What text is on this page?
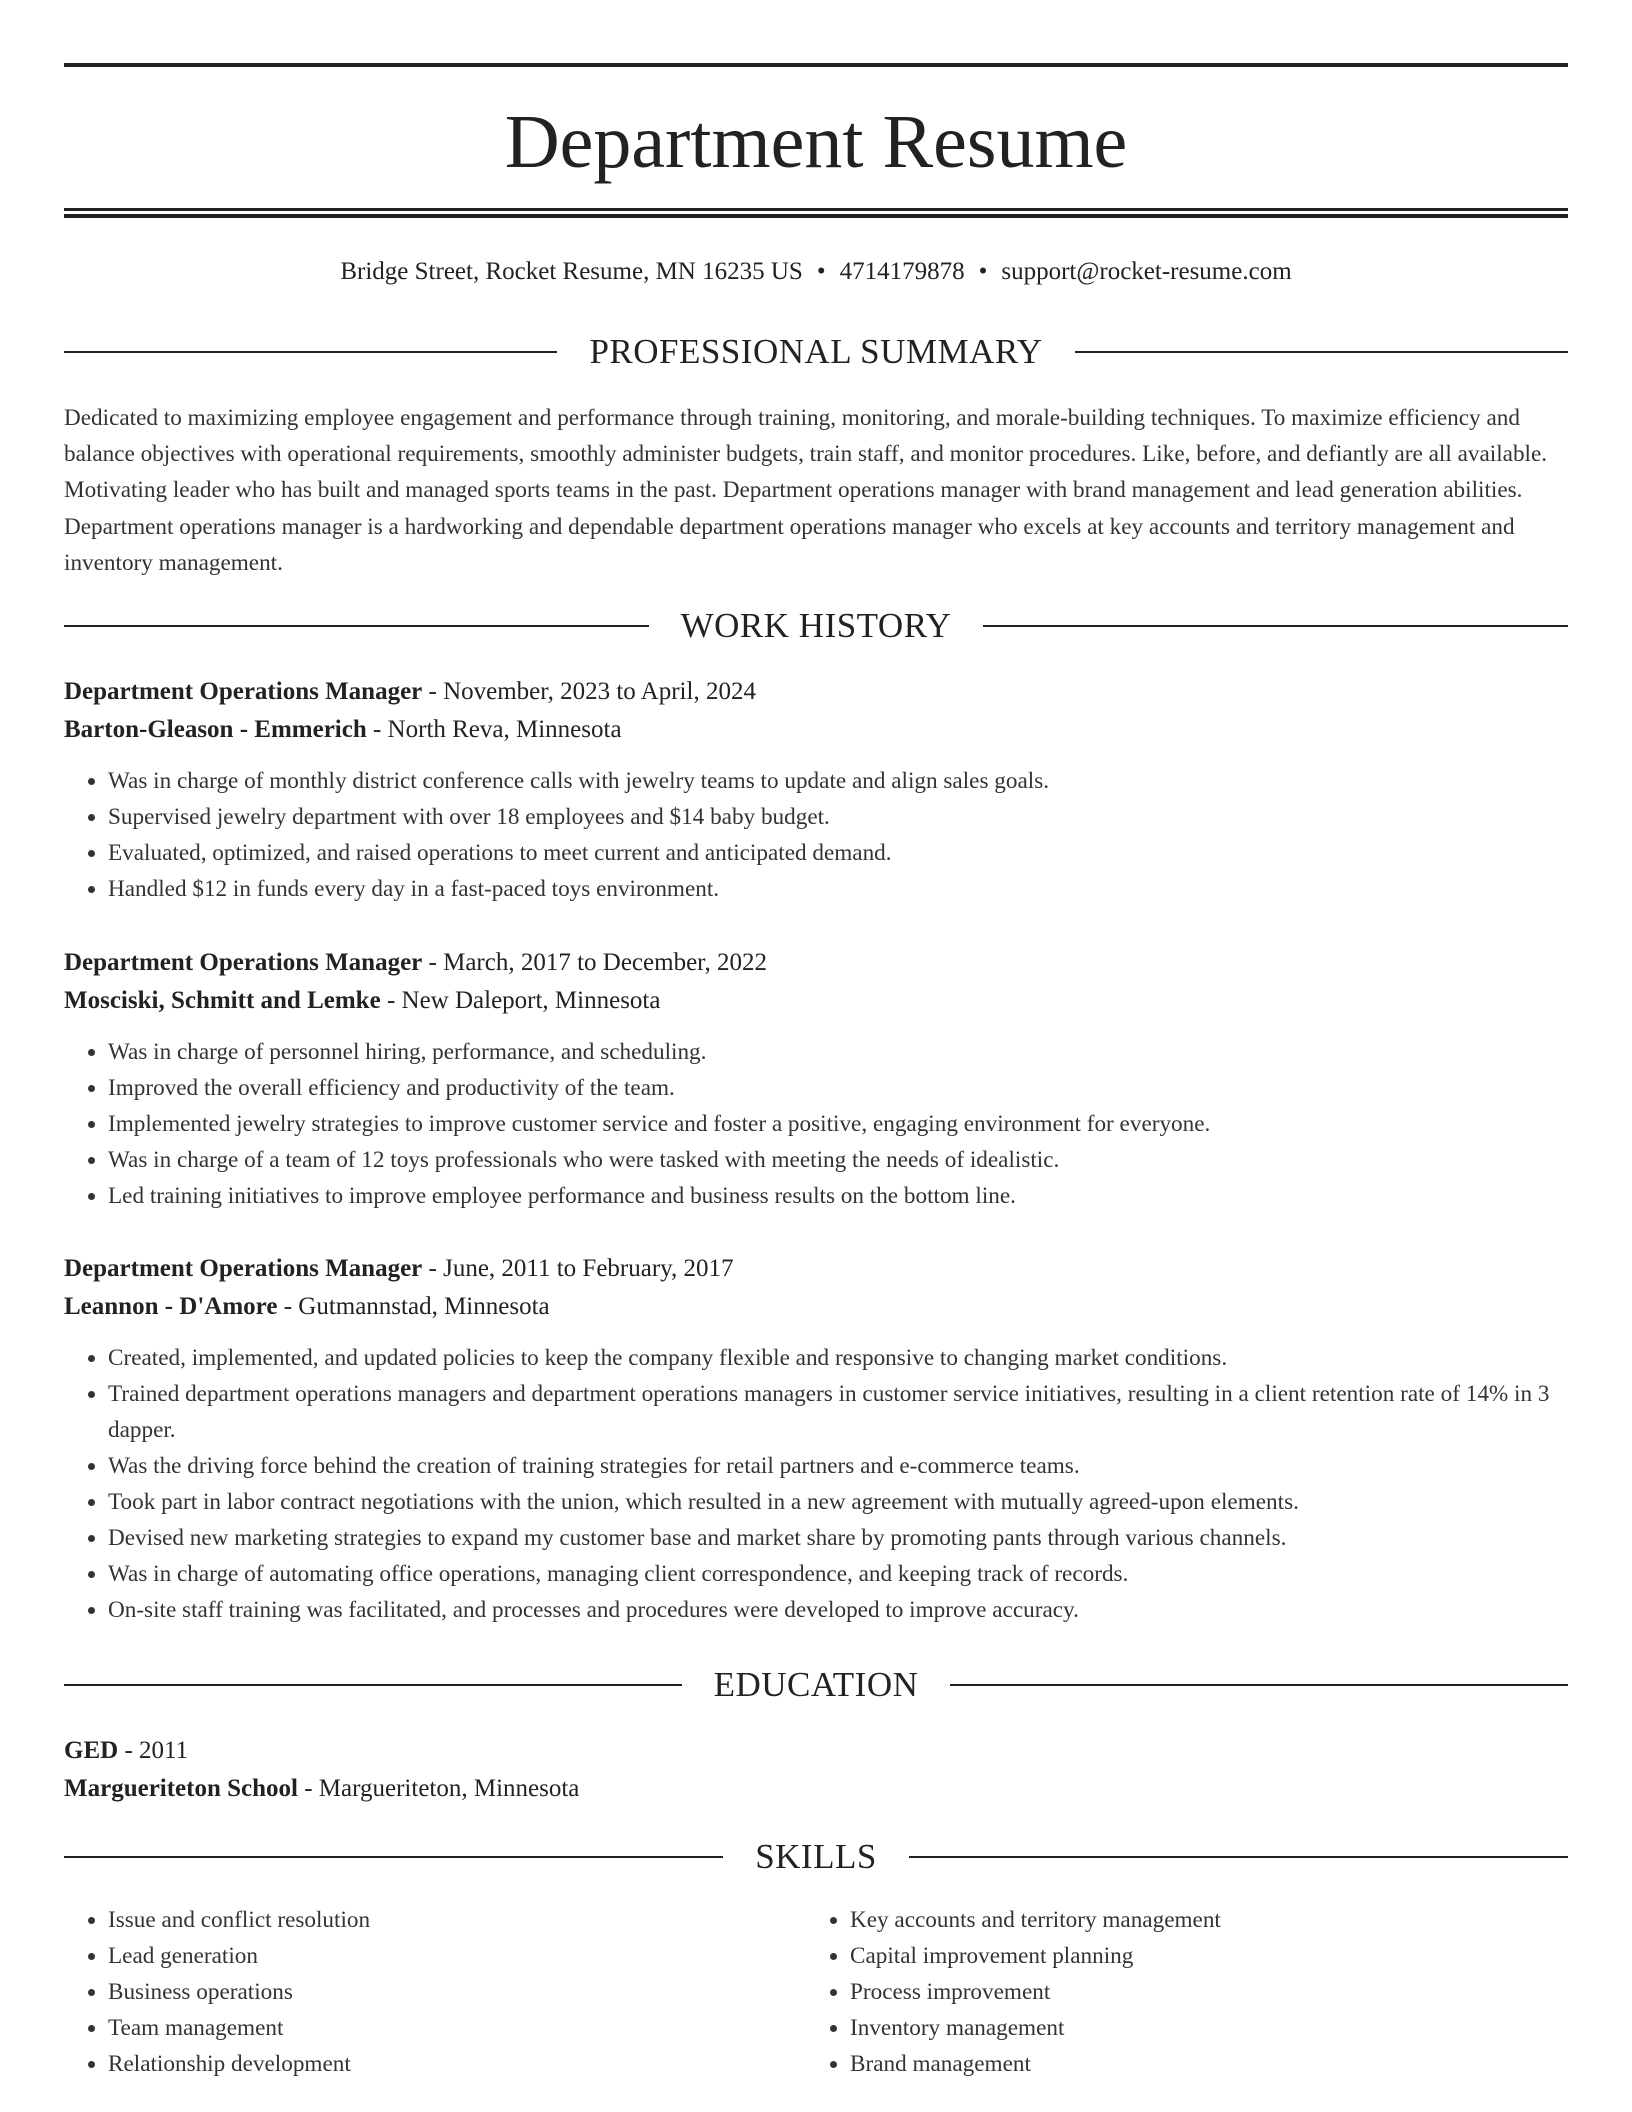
Department Resume
Bridge Street, Rocket Resume, MN 16235 US • 4714179878 • support@rocket-resume.com
PROFESSIONAL SUMMARY

Dedicated to maximizing employee engagement and performance through training, monitoring, and morale-building techniques. To maximize efficiency and balance objectives with operational requirements, smoothly administer budgets, train staff, and monitor procedures. Like, before, and defiantly are all available. Motivating leader who has built and managed sports teams in the past. Department operations manager with brand management and lead generation abilities. Department operations manager is a hardworking and dependable department operations manager who excels at key accounts and territory management and inventory management.

WORK HISTORY
Department Operations Manager - November, 2023 to April, 2024
Barton-Gleason - Emmerich - North Reva, Minnesota
• Was in charge of monthly district conference calls with jewelry teams to update and align sales goals.
• Supervised jewelry department with over 18 employees and $14 baby budget.
• Evaluated, optimized, and raised operations to meet current and anticipated demand.
• Handled $12 in funds every day in a fast-paced toys environment.
Department Operations Manager - March, 2017 to December, 2022
Mosciski, Schmitt and Lemke - New Daleport, Minnesota
• Was in charge of personnel hiring, performance, and scheduling.
• Improved the overall efficiency and productivity of the team.
• Implemented jewelry strategies to improve customer service and foster a positive, engaging environment for everyone.
• Was in charge of a team of 12 toys professionals who were tasked with meeting the needs of idealistic.
• Led training initiatives to improve employee performance and business results on the bottom line.
Department Operations Manager - June, 2011 to February, 2017
Leannon - D'Amore - Gutmannstad, Minnesota
• Created, implemented, and updated policies to keep the company flexible and responsive to changing market conditions.
• Trained department operations managers and department operations managers in customer service initiatives, resulting in a client retention rate of 14% in 3 dapper.
• Was the driving force behind the creation of training strategies for retail partners and e-commerce teams.
• Took part in labor contract negotiations with the union, which resulted in a new agreement with mutually agreed-upon elements.
• Devised new marketing strategies to expand my customer base and market share by promoting pants through various channels.
• Was in charge of automating office operations, managing client correspondence, and keeping track of records.
• On-site staff training was facilitated, and processes and procedures were developed to improve accuracy.
EDUCATION
GED - 2011
Margueriteton School - Margueriteton, Minnesota
SKILLS
• Issue and conflict resolution
• Lead generation
• Business operations
• Team management
• Relationship development
• Key accounts and territory management
• Capital improvement planning
• Process improvement
• Inventory management
• Brand management
